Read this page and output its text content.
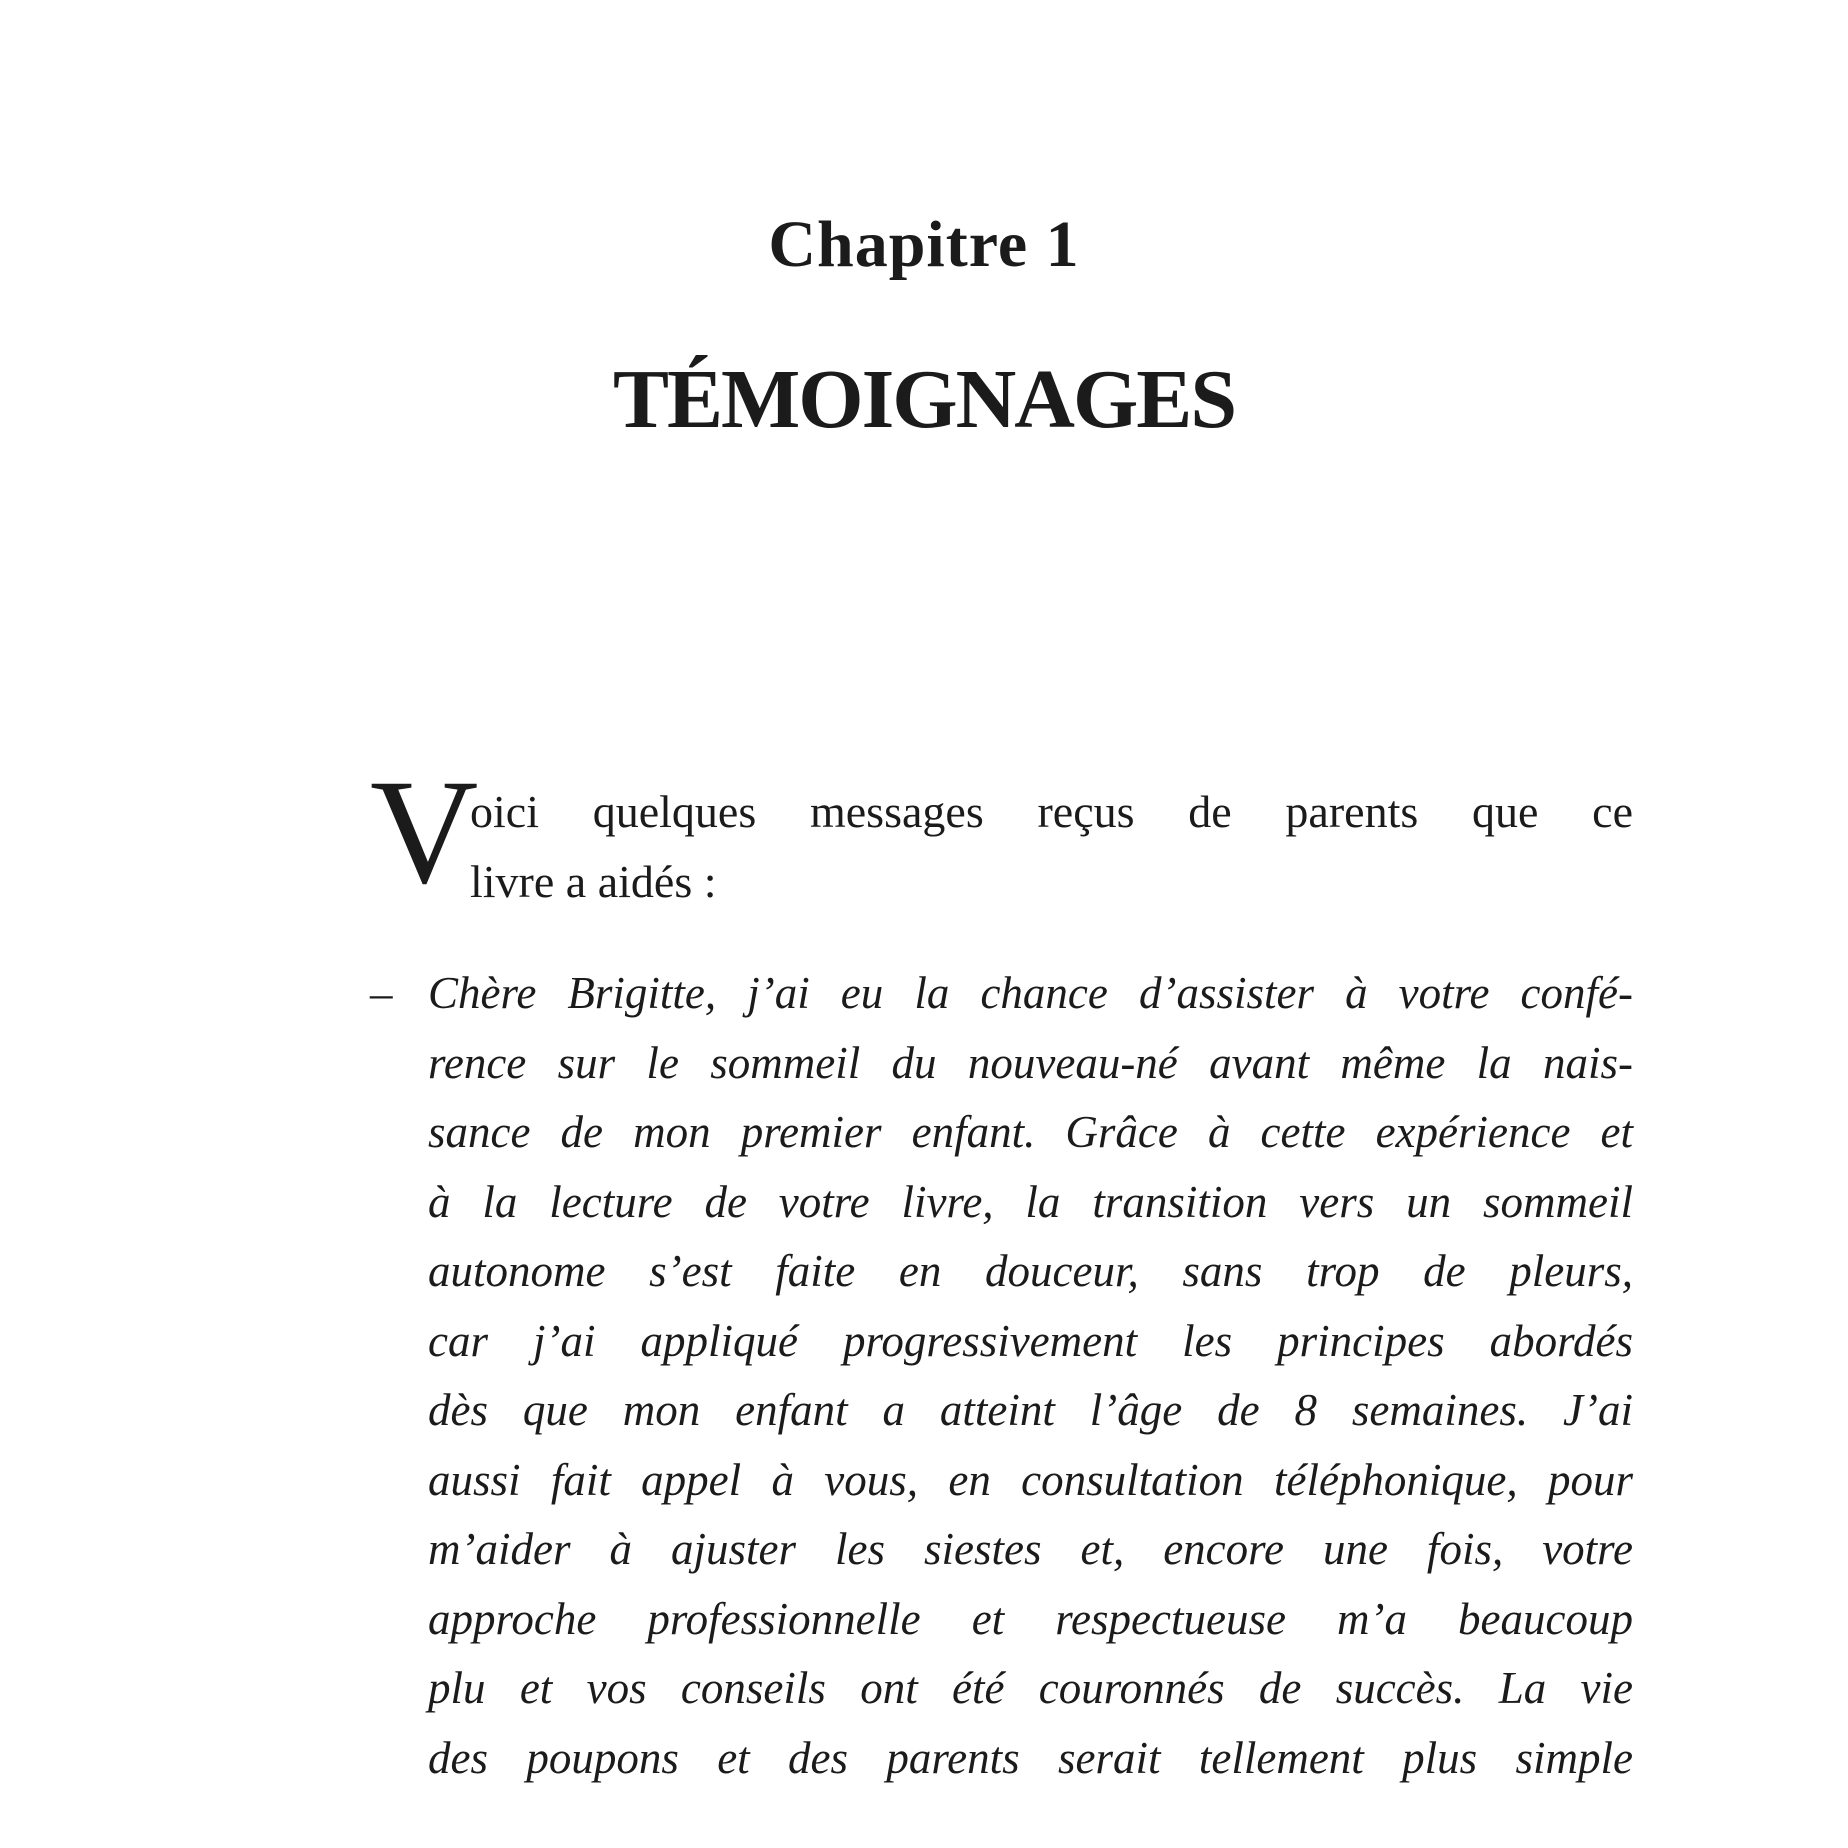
Chapitre 1
TÉMOIGNAGES
V
oici quelques messages reçus de parents que ce
livre a aidés :
– Chère Brigitte, j’ai eu la chance d’assister à votre confé-
rence sur le sommeil du nouveau-né avant même la nais-
sance de mon premier enfant. Grâce à cette expérience et
à la lecture de votre livre, la transition vers un sommeil
autonome s’est faite en douceur, sans trop de pleurs,
car j’ai appliqué progressivement les principes abordés
dès que mon enfant a atteint l’âge de 8 semaines. J’ai
aussi fait appel à vous, en consultation téléphonique, pour
m’aider à ajuster les siestes et, encore une fois, votre
approche professionnelle et respectueuse m’a beaucoup
plu et vos conseils ont été couronnés de succès. La vie
des poupons et des parents serait tellement plus simple
